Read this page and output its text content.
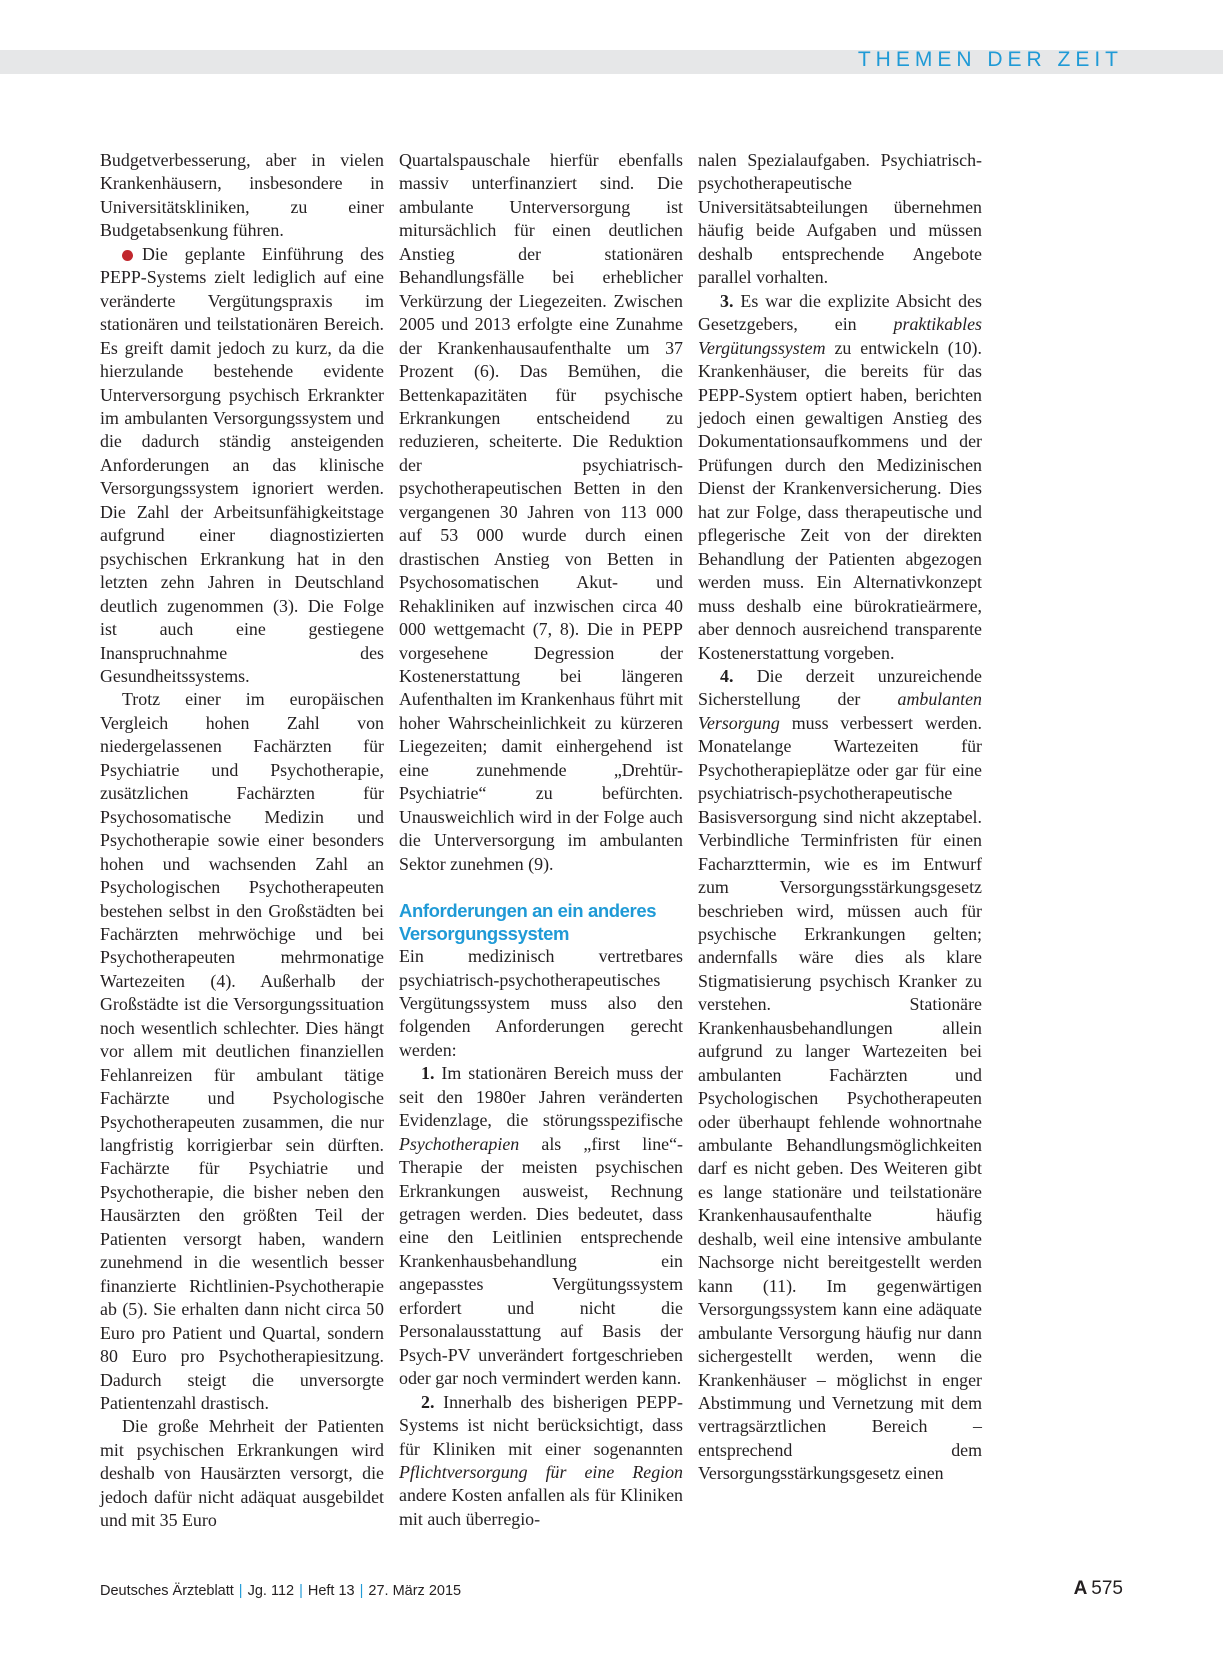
THEMEN DER ZEIT

Budgetverbesserung, aber in vielen Krankenhäusern, insbesondere in Universitätskliniken, zu einer Budgetabsenkung führen.

Die geplante Einführung des PEPP-Systems zielt lediglich auf eine veränderte Vergütungspraxis im stationären und teilstationären Bereich. Es greift damit jedoch zu kurz, da die hierzulande bestehende evidente Unterversorgung psychisch Erkrankter im ambulanten Versorgungssystem und die dadurch ständig ansteigenden Anforderungen an das klinische Versorgungssystem ignoriert werden. Die Zahl der Arbeitsunfähigkeitstage aufgrund einer diagnostizierten psychischen Erkrankung hat in den letzten zehn Jahren in Deutschland deutlich zugenommen (3). Die Folge ist auch eine gestiegene Inanspruchnahme des Gesundheitssystems.

Trotz einer im europäischen Vergleich hohen Zahl von niedergelassenen Fachärzten für Psychiatrie und Psychotherapie, zusätzlichen Fachärzten für Psychosomatische Medizin und Psychotherapie sowie einer besonders hohen und wachsenden Zahl an Psychologischen Psychotherapeuten bestehen selbst in den Großstädten bei Fachärzten mehrwöchige und bei Psychotherapeuten mehrmonatige Wartezeiten (4). Außerhalb der Großstädte ist die Versorgungssituation noch wesentlich schlechter. Dies hängt vor allem mit deutlichen finanziellen Fehlanreizen für ambulant tätige Fachärzte und Psychologische Psychotherapeuten zusammen, die nur langfristig korrigierbar sein dürften. Fachärzte für Psychiatrie und Psychotherapie, die bisher neben den Hausärzten den größten Teil der Patienten versorgt haben, wandern zunehmend in die wesentlich besser finanzierte Richtlinien-Psychotherapie ab (5). Sie erhalten dann nicht circa 50 Euro pro Patient und Quartal, sondern 80 Euro pro Psychotherapiesitzung. Dadurch steigt die unversorgte Patientenzahl drastisch.

Die große Mehrheit der Patienten mit psychischen Erkrankungen wird deshalb von Hausärzten versorgt, die jedoch dafür nicht adäquat ausgebildet und mit 35 Euro

Quartalspauschale hierfür ebenfalls massiv unterfinanziert sind. Die ambulante Unterversorgung ist mitursächlich für einen deutlichen Anstieg der stationären Behandlungsfälle bei erheblicher Verkürzung der Liegezeiten. Zwischen 2005 und 2013 erfolgte eine Zunahme der Krankenhausaufenthalte um 37 Prozent (6). Das Bemühen, die Bettenkapazitäten für psychische Erkrankungen entscheidend zu reduzieren, scheiterte. Die Reduktion der psychiatrisch-psychotherapeutischen Betten in den vergangenen 30 Jahren von 113 000 auf 53 000 wurde durch einen drastischen Anstieg von Betten in Psychosomatischen Akut- und Rehakliniken auf inzwischen circa 40 000 wettgemacht (7, 8). Die in PEPP vorgesehene Degression der Kostenerstattung bei längeren Aufenthalten im Krankenhaus führt mit hoher Wahrscheinlichkeit zu kürzeren Liegezeiten; damit einhergehend ist eine zunehmende „Drehtür-Psychiatrie“ zu befürchten. Unausweichlich wird in der Folge auch die Unterversorgung im ambulanten Sektor zunehmen (9).

Anforderungen an ein anderes Versorgungssystem

Ein medizinisch vertretbares psychiatrisch-psychotherapeutisches Vergütungssystem muss also den folgenden Anforderungen gerecht werden:

1. Im stationären Bereich muss der seit den 1980er Jahren veränderten Evidenzlage, die störungsspezifische Psychotherapien als „first line“-Therapie der meisten psychischen Erkrankungen ausweist, Rechnung getragen werden. Dies bedeutet, dass eine den Leitlinien entsprechende Krankenhausbehandlung ein angepasstes Vergütungssystem erfordert und nicht die Personalausstattung auf Basis der Psych-PV unverändert fortgeschrieben oder gar noch vermindert werden kann.

2. Innerhalb des bisherigen PEPP-Systems ist nicht berücksichtigt, dass für Kliniken mit einer sogenannten Pflichtversorgung für eine Region andere Kosten anfallen als für Kliniken mit auch überregio-

nalen Spezialaufgaben. Psychiatrisch-psychotherapeutische Universitätsabteilungen übernehmen häufig beide Aufgaben und müssen deshalb entsprechende Angebote parallel vorhalten.

3. Es war die explizite Absicht des Gesetzgebers, ein praktikables Vergütungssystem zu entwickeln (10). Krankenhäuser, die bereits für das PEPP-System optiert haben, berichten jedoch einen gewaltigen Anstieg des Dokumentationsaufkommens und der Prüfungen durch den Medizinischen Dienst der Krankenversicherung. Dies hat zur Folge, dass therapeutische und pflegerische Zeit von der direkten Behandlung der Patienten abgezogen werden muss. Ein Alternativkonzept muss deshalb eine bürokratieärmere, aber dennoch ausreichend transparente Kostenerstattung vorgeben.

4. Die derzeit unzureichende Sicherstellung der ambulanten Versorgung muss verbessert werden. Monatelange Wartezeiten für Psychotherapieplätze oder gar für eine psychiatrisch-psychotherapeutische Basisversorgung sind nicht akzeptabel. Verbindliche Terminfristen für einen Facharzttermin, wie es im Entwurf zum Versorgungsstärkungsgesetz beschrieben wird, müssen auch für psychische Erkrankungen gelten; andernfalls wäre dies als klare Stigmatisierung psychisch Kranker zu verstehen. Stationäre Krankenhausbehandlungen allein aufgrund zu langer Wartezeiten bei ambulanten Fachärzten und Psychologischen Psychotherapeuten oder überhaupt fehlende wohnortnahe ambulante Behandlungsmöglichkeiten darf es nicht geben. Des Weiteren gibt es lange stationäre und teilstationäre Krankenhausaufenthalte häufig deshalb, weil eine intensive ambulante Nachsorge nicht bereitgestellt werden kann (11). Im gegenwärtigen Versorgungssystem kann eine adäquate ambulante Versorgung häufig nur dann sichergestellt werden, wenn die Krankenhäuser – möglichst in enger Abstimmung und Vernetzung mit dem vertragsärztlichen Bereich – entsprechend dem Versorgungsstärkungsgesetz einen

Deutsches Ärzteblatt | Jg. 112 | Heft 13 | 27. März 2015	A 575
